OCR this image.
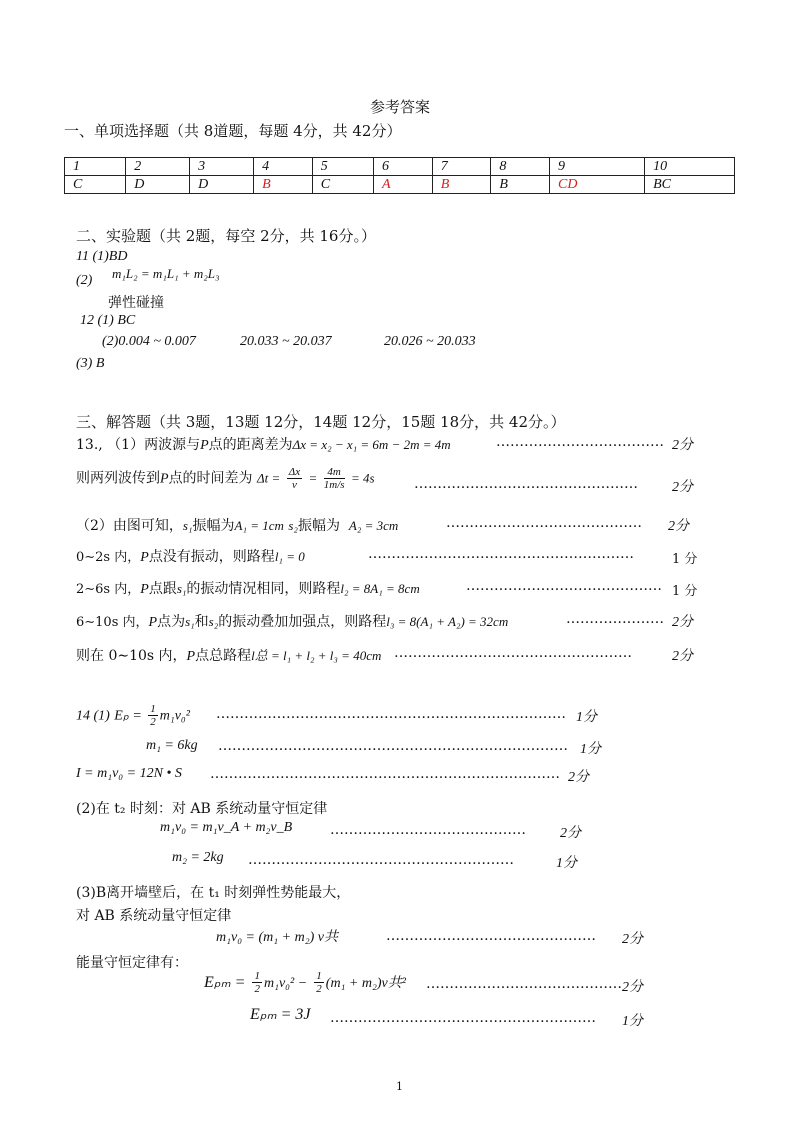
参考答案
一、单项选择题（共 8道题，每题 4分，共 42分）
1	2	3	4	5	6	7	8	9	10
C	D	D	B	C	A	B	B	CD	BC
二、实验题（共 2题，每空 2分，共 16分。）
11 (1)BD
(2) m₁L₂ = m₁L₁ + m₂L₃
弹性碰撞
12 (1) BC
(2)0.004 ~ 0.007	20.033 ~ 20.037	20.026 ~ 20.033
(3) B
三、解答题（共 3题，13题 12分，14题 12分，15题 18分，共 42分。）
13., （1）两波源与P点的距离差为Δx = x₂ − x₁ = 6m − 2m = 4m	……………………………… 2分
则两列波传到P点的时间差为 $\Delta t = \frac{\Delta x}{v} = \frac{4m}{1m/s} = 4s$	………………………………………… 2分
（2）由图可知，s₁振幅为A₁ = 1cm s₂振幅为 A₂ = 3cm	…………………………………… 2分
0∼2s 内，P点没有振动，则路程l₁ = 0	…………………………………………………	1 分
2∼6s 内，P点跟s₁的振动情况相同，则路程l₂ = 8A₁ = 8cm	…………………………………… 1 分
6∼10s 内，P点为s₁和s₂的振动叠加加强点，则路程l₃ = 8(A₁ + A₂) = 32cm	………………… 2分
则在 0∼10s 内，P点总路程l总 = l₁ + l₂ + l₃ = 40cm ……………………………………………	2分
14 (1) $E_p = \frac{1}{2} m_1v_0^2$ ………………………………………………………………… 1分
m₁ = 6kg ………………………………………………………………… 1分
I = m₁v₀ = 12N • S ………………………………………………………………… 2分
(2)在 t₂ 时刻：对 AB 系统动量守恒定律
m₁v₀ = m₁v_A + m₂v_B	…………………………………… 2分
m₂ = 2kg …………………………………………………	1分
(3)B离开墙壁后，在 t₁ 时刻弹性势能最大，
对 AB 系统动量守恒定律
m₁v₀ = (m₁ + m₂) v共	……………………………………… 2分
能量守恒定律有：
$E_{pm} = \frac{1}{2} m_1v_0^2 - \frac{1}{2} (m_1 + m_2)v$共² …………………………………… 2分
Eₚₘ = 3J ………………………………………………… 1分
1
